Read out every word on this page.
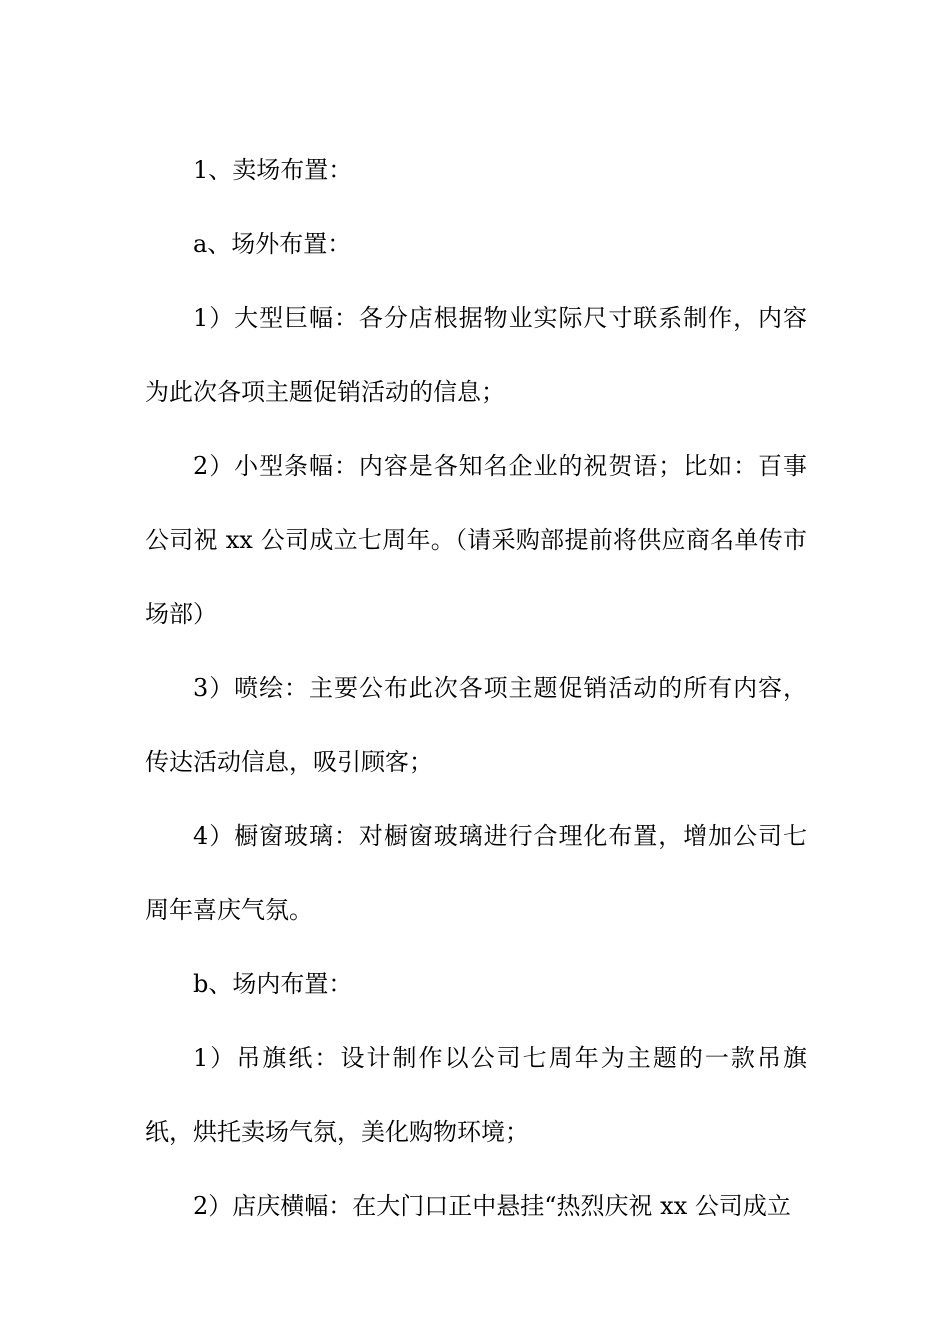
1、卖场布置：

a、场外布置：

1）大型巨幅：各分店根据物业实际尺寸联系制作，内容为此次各项主题促销活动的信息；

2）小型条幅：内容是各知名企业的祝贺语；比如：百事公司祝 xx 公司成立七周年。（请采购部提前将供应商名单传市场部）

3）喷绘：主要公布此次各项主题促销活动的所有内容，传达活动信息，吸引顾客；

4）橱窗玻璃：对橱窗玻璃进行合理化布置，增加公司七周年喜庆气氛。

b、场内布置：

1）吊旗纸：设计制作以公司七周年为主题的一款吊旗纸，烘托卖场气氛，美化购物环境；

2）店庆横幅：在大门口正中悬挂“热烈庆祝 xx 公司成立
